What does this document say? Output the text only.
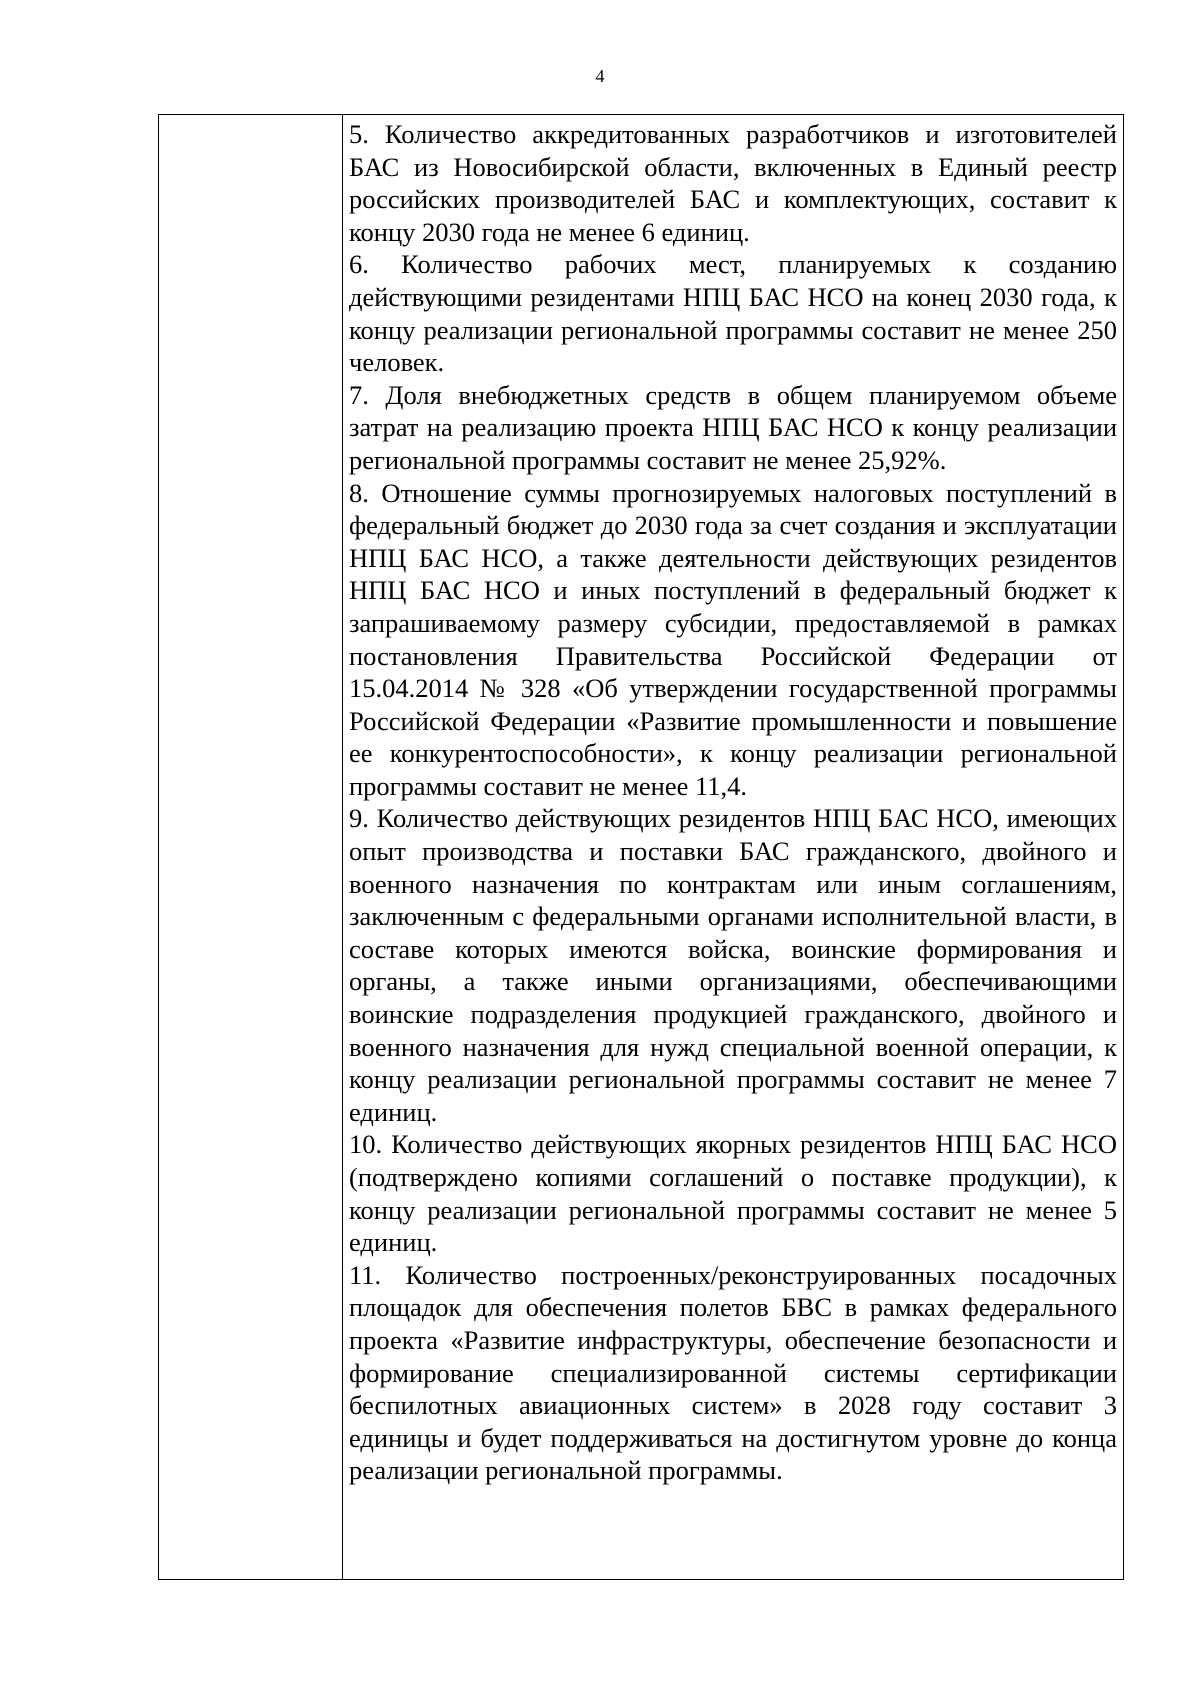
4

5. Количество аккредитованных разработчиков и изготовителей БАС из Новосибирской области, включенных в Единый реестр российских производителей БАС и комплектующих, составит к концу 2030 года не менее 6 единиц.

6. Количество рабочих мест, планируемых к созданию действующими резидентами НПЦ БАС НСО на конец 2030 года, к концу реализации региональной программы составит не менее 250 человек.

7. Доля внебюджетных средств в общем планируемом объеме затрат на реализацию проекта НПЦ БАС НСО к концу реализации региональной программы составит не менее 25,92%.

8. Отношение суммы прогнозируемых налоговых поступлений в федеральный бюджет до 2030 года за счет создания и эксплуатации НПЦ БАС НСО, а также деятельности действующих резидентов НПЦ БАС НСО и иных поступлений в федеральный бюджет к запрашиваемому размеру субсидии, предоставляемой в рамках постановления Правительства Российской Федерации от 15.04.2014 № 328 «Об утверждении государственной программы Российской Федерации «Развитие промышленности и повышение ее конкурентоспособности», к концу реализации региональной программы составит не менее 11,4.

9. Количество действующих резидентов НПЦ БАС НСО, имеющих опыт производства и поставки БАС гражданского, двойного и военного назначения по контрактам или иным соглашениям, заключенным с федеральными органами исполнительной власти, в составе которых имеются войска, воинские формирования и органы, а также иными организациями, обеспечивающими воинские подразделения продукцией гражданского, двойного и военного назначения для нужд специальной военной операции, к концу реализации региональной программы составит не менее 7 единиц.

10. Количество действующих якорных резидентов НПЦ БАС НСО (подтверждено копиями соглашений о поставке продукции), к концу реализации региональной программы составит не менее 5 единиц.

11. Количество построенных/реконструированных посадочных площадок для обеспечения полетов БВС в рамках федерального проекта «Развитие инфраструктуры, обеспечение безопасности и формирование специализированной системы сертификации беспилотных авиационных систем» в 2028 году составит 3 единицы и будет поддерживаться на достигнутом уровне до конца реализации региональной программы.
